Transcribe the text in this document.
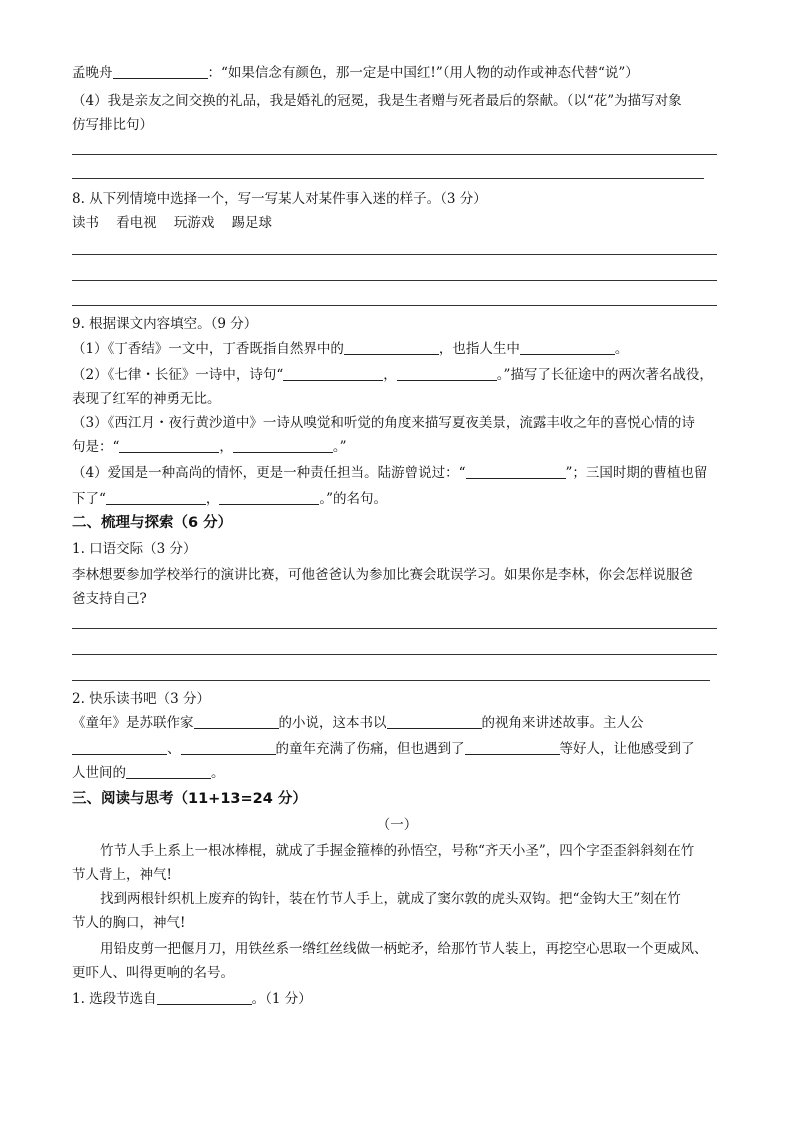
孟晚舟	：“如果信念有颜色，那一定是中国红!”（用人物的动作或神态代替“说”）
（4）我是亲友之间交换的礼品，我是婚礼的冠冕，我是生者赠与死者最后的祭献。（以“花”为描写对象
仿写排比句）
8. 从下列情境中选择一个，写一写某人对某件事入迷的样子。（3 分）
读书    看电视    玩游戏    踢足球
9. 根据课文内容填空。（9 分）
（1）《丁香结》一文中，丁香既指自然界中的	，也指人生中	。
（2）《七律・长征》一诗中，诗句“	，	。”描写了长征途中的两次著名战役，
表现了红军的神勇无比。
（3）《西江月・夜行黄沙道中》一诗从嗅觉和听觉的角度来描写夏夜美景，流露丰收之年的喜悦心情的诗
句是：“	，	。”
（4）爱国是一种高尚的情怀，更是一种责任担当。陆游曾说过：“	”；三国时期的曹植也留
下了“	，	。”的名句。
二、梳理与探索（6 分）
1. 口语交际（3 分）
李林想要参加学校举行的演讲比赛，可他爸爸认为参加比赛会耽误学习。如果你是李林，你会怎样说服爸
爸支持自己?
2. 快乐读书吧（3 分）
《童年》是苏联作家	的小说，这本书以	的视角来讲述故事。主人公
、	的童年充满了伤痛，但也遇到了	等好人，让他感受到了
人世间的	。
三、阅读与思考（11+13=24 分）
（一）
竹节人手上系上一根冰棒棍，就成了手握金箍棒的孙悟空，号称“齐天小圣”，四个字歪歪斜斜刻在竹
节人背上，神气!
找到两根针织机上废弃的钩针，装在竹节人手上，就成了窦尔敦的虎头双钩。把“金钩大王”刻在竹
节人的胸口，神气!
用铅皮剪一把偃月刀，用铁丝系一绺红丝线做一柄蛇矛，给那竹节人装上，再挖空心思取一个更威风、
更吓人、叫得更响的名号。
1. 选段节选自	。（1 分）
